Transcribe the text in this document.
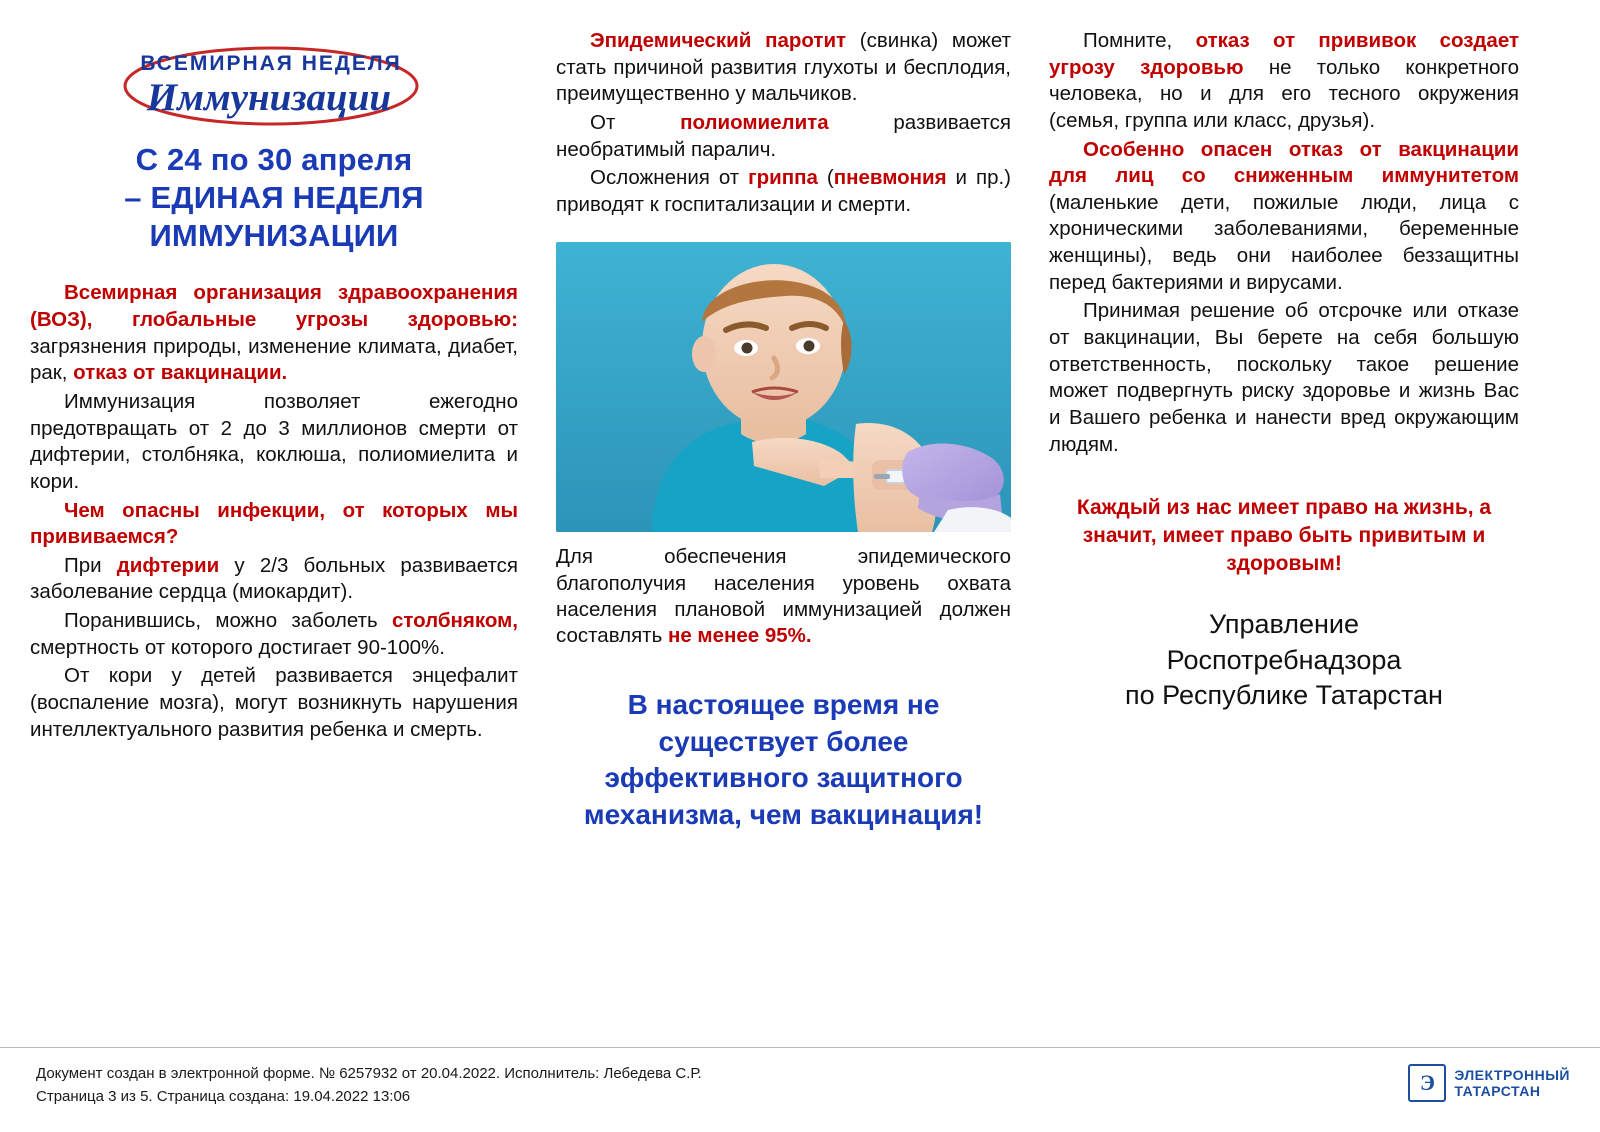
ВСЕМИРНАЯ НЕДЕЛЯ
Иммунизации
С 24 по 30 апреля
– ЕДИНАЯ НЕДЕЛЯ
ИММУНИЗАЦИИ

Всемирная организация здравоохранения (ВОЗ), глобальные угрозы здоровью: загрязнения природы, изменение климата, диабет, рак, отказ от вакцинации.

Иммунизация позволяет ежегодно предотвращать от 2 до 3 миллионов смерти от дифтерии, столбняка, коклюша, полиомиелита и кори.

Чем опасны инфекции, от которых мы прививаемся?

При дифтерии у 2/3 больных развивается заболевание сердца (миокардит).

Поранившись, можно заболеть столбняком, смертность от которого достигает 90-100%.

От кори у детей развивается энцефалит (воспаление мозга), могут возникнуть нарушения интеллектуального развития ребенка и смерть.

Эпидемический паротит (свинка) может стать причиной развития глухоты и бесплодия, преимущественно у мальчиков.

От полиомиелита развивается необратимый паралич.

Осложнения от гриппа (пневмония и пр.) приводят к госпитализации и смерти.

Для обеспечения эпидемического благополучия населения уровень охвата населения плановой иммунизацией должен составлять не менее 95%.

В настоящее время не существует более эффективного защитного механизма, чем вакцинация!

Помните, отказ от прививок создает угрозу здоровью не только конкретного человека, но и для его тесного окружения (семья, группа или класс, друзья).

Особенно опасен отказ от вакцинации для лиц со сниженным иммунитетом (маленькие дети, пожилые люди, лица с хроническими заболеваниями, беременные женщины), ведь они наиболее беззащитны перед бактериями и вирусами.

Принимая решение об отсрочке или отказе от вакцинации, Вы берете на себя большую ответственность, поскольку такое решение может подвергнуть риску здоровье и жизнь Вас и Вашего ребенка и нанести вред окружающим людям.

Каждый из нас имеет право на жизнь, а значит, имеет право быть привитым и здоровым!

Управление
Роспотребнадзора
по Республике Татарстан
Документ создан в электронной форме. № 6257932 от 20.04.2022. Исполнитель: Лебедева С.Р.
Страница 3 из 5. Страница создана: 19.04.2022 13:06
Э	ЭЛЕКТРОННЫЙ
ТАТАРСТАН
